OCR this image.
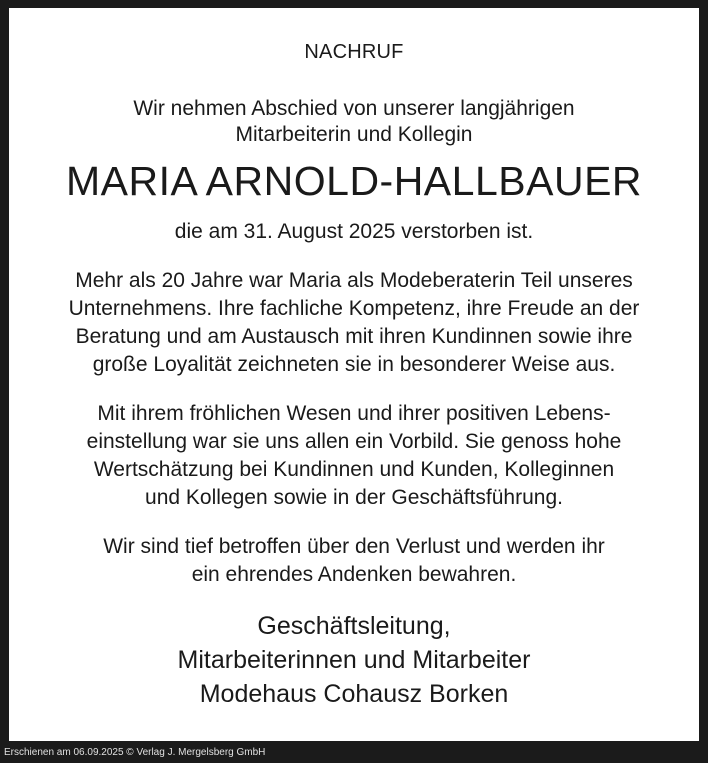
NACHRUF
Wir nehmen Abschied von unserer langjährigen
Mitarbeiterin und Kollegin
MARIA ARNOLD-HALLBAUER
die am 31. August 2025 verstorben ist.
Mehr als 20 Jahre war Maria als Modeberaterin Teil unseres
Unternehmens. Ihre fachliche Kompetenz, ihre Freude an der
Beratung und am Austausch mit ihren Kundinnen sowie ihre
große Loyalität zeichneten sie in besonderer Weise aus.
Mit ihrem fröhlichen Wesen und ihrer positiven Lebens-
einstellung war sie uns allen ein Vorbild. Sie genoss hohe
Wertschätzung bei Kundinnen und Kunden, Kolleginnen
und Kollegen sowie in der Geschäftsführung.
Wir sind tief betroffen über den Verlust und werden ihr
ein ehrendes Andenken bewahren.
Geschäftsleitung,
Mitarbeiterinnen und Mitarbeiter
Modehaus Cohausz Borken
Erschienen am 06.09.2025 © Verlag J. Mergelsberg GmbH
